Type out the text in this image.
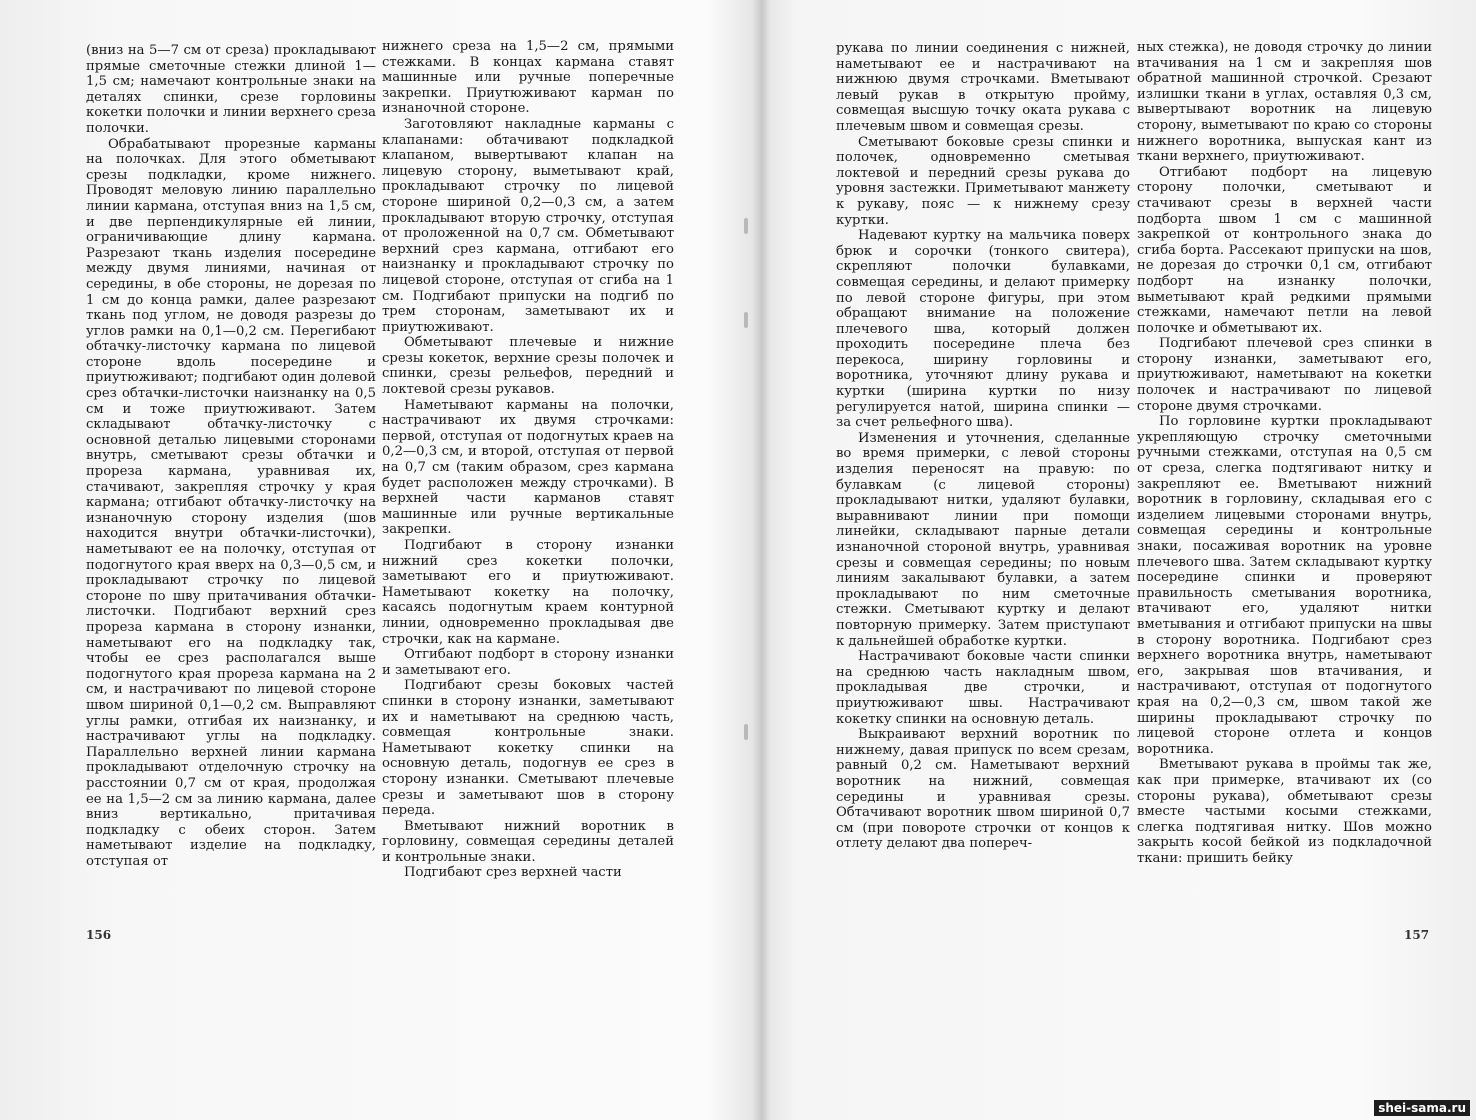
(вниз на 5—7 см от среза) прокладывают прямые сметочные стежки длиной 1—1,5 см; намечают контрольные знаки на деталях спинки, срезе горловины кокетки полочки и линии верхнего среза полочки.

Обрабатывают прорезные карманы на полочках. Для этого обметывают срезы подкладки, кроме нижнего. Проводят меловую линию параллельно линии кармана, отступая вниз на 1,5 см, и две перпендикулярные ей линии, ограничивающие длину кармана. Разрезают ткань изделия посередине между двумя линиями, начиная от середины, в обе стороны, не дорезая по 1 см до конца рамки, далее разрезают ткань под углом, не доводя разрезы до углов рамки на 0,1—0,2 см. Перегибают обтачку-листочку кармана по лицевой стороне вдоль посередине и приутюживают; подгибают один долевой срез обтачки-листочки наизнанку на 0,5 см и тоже приутюживают. Затем складывают обтачку-листочку с основной деталью лицевыми сторонами внутрь, сметывают срезы обтачки и прореза кармана, уравнивая их, стачивают, закрепляя строчку у края кармана; отгибают обтачку-листочку на изнаночную сторону изделия (шов находится внутри обтачки-листочки), наметывают ее на полочку, отступая от подогнутого края вверх на 0,3—0,5 см, и прокладывают строчку по лицевой стороне по шву притачивания обтачки-листочки. Подгибают верхний срез прореза кармана в сторону изнанки, наметывают его на подкладку так, чтобы ее срез располагался выше подогнутого края прореза кармана на 2 см, и настрачивают по лицевой стороне швом шириной 0,1—0,2 см. Выправляют углы рамки, отгибая их наизнанку, и настрачивают углы на подкладку. Параллельно верхней линии кармана прокладывают отделочную строчку на расстоянии 0,7 см от края, продолжая ее на 1,5—2 см за линию кармана, далее вниз вертикально, притачивая подкладку с обеих сторон. Затем наметывают изделие на подкладку, отступая от

нижнего среза на 1,5—2 см, прямыми стежками. В концах кармана ставят машинные или ручные поперечные закрепки. Приутюживают карман по изнаночной стороне.

Заготовляют накладные карманы с клапанами: обтачивают подкладкой клапаном, вывертывают клапан на лицевую сторону, выметывают край, прокладывают строчку по лицевой стороне шириной 0,2—0,3 см, а затем прокладывают вторую строчку, отступая от проложенной на 0,7 см. Обметывают верхний срез кармана, отгибают его наизнанку и прокладывают строчку по лицевой стороне, отступая от сгиба на 1 см. Подгибают припуски на подгиб по трем сторонам, заметывают их и приутюживают.

Обметывают плечевые и нижние срезы кокеток, верхние срезы полочек и спинки, срезы рельефов, передний и локтевой срезы рукавов.

Наметывают карманы на полочки, настрачивают их двумя строчками: первой, отступая от подогнутых краев на 0,2—0,3 см, и второй, отступая от первой на 0,7 см (таким образом, срез кармана будет расположен между строчками). В верхней части карманов ставят машинные или ручные вертикальные закрепки.

Подгибают в сторону изнанки нижний срез кокетки полочки, заметывают его и приутюживают. Наметывают кокетку на полочку, касаясь подогнутым краем контурной линии, одновременно прокладывая две строчки, как на кармане.

Отгибают подборт в сторону изнанки и заметывают его.

Подгибают срезы боковых частей спинки в сторону изнанки, заметывают их и наметывают на среднюю часть, совмещая контрольные знаки. Наметывают кокетку спинки на основную деталь, подогнув ее срез в сторону изнанки. Сметывают плечевые срезы и заметывают шов в сторону переда.

Вметывают нижний воротник в горловину, совмещая середины деталей и контрольные знаки.

Подгибают срез верхней части

рукава по линии соединения с нижней, наметывают ее и настрачивают на нижнюю двумя строчками. Вметывают левый рукав в открытую пройму, совмещая высшую точку оката рукава с плечевым швом и совмещая срезы.

Сметывают боковые срезы спинки и полочек, одновременно сметывая локтевой и передний срезы рукава до уровня застежки. Приметывают манжету к рукаву, пояс — к нижнему срезу куртки.

Надевают куртку на мальчика поверх брюк и сорочки (тонкого свитера), скрепляют полочки булавками, совмещая середины, и делают примерку по левой стороне фигуры, при этом обращают внимание на положение плечевого шва, который должен проходить посередине плеча без перекоса, ширину горловины и воротника, уточняют длину рукава и куртки (ширина куртки по низу регулируется натой, ширина спинки — за счет рельефного шва).

Изменения и уточнения, сделанные во время примерки, с левой стороны изделия переносят на правую: по булавкам (с лицевой стороны) прокладывают нитки, удаляют булавки, выравнивают линии при помощи линейки, складывают парные детали изнаночной стороной внутрь, уравнивая срезы и совмещая середины; по новым линиям закалывают булавки, а затем прокладывают по ним сметочные стежки. Сметывают куртку и делают повторную примерку. Затем приступают к дальнейшей обработке куртки.

Настрачивают боковые части спинки на среднюю часть накладным швом, прокладывая две строчки, и приутюживают швы. Настрачивают кокетку спинки на основную деталь.

Выкраивают верхний воротник по нижнему, давая припуск по всем срезам, равный 0,2 см. Наметывают верхний воротник на нижний, совмещая середины и уравнивая срезы. Обтачивают воротник швом шириной 0,7 см (при повороте строчки от концов к отлету делают два попереч-

ных стежка), не доводя строчку до линии втачивания на 1 см и закрепляя шов обратной машинной строчкой. Срезают излишки ткани в углах, оставляя 0,3 см, вывертывают воротник на лицевую сторону, выметывают по краю со стороны нижнего воротника, выпуская кант из ткани верхнего, приутюживают.

Отгибают подборт на лицевую сторону полочки, сметывают и стачивают срезы в верхней части подборта швом 1 см с машинной закрепкой от контрольного знака до сгиба борта. Рассекают припуски на шов, не дорезая до строчки 0,1 см, отгибают подборт на изнанку полочки, выметывают край редкими прямыми стежками, намечают петли на левой полочке и обметывают их.

Подгибают плечевой срез спинки в сторону изнанки, заметывают его, приутюживают, наметывают на кокетки полочек и настрачивают по лицевой стороне двумя строчками.

По горловине куртки прокладывают укрепляющую строчку сметочными ручными стежками, отступая на 0,5 см от среза, слегка подтягивают нитку и закрепляют ее. Вметывают нижний воротник в горловину, складывая его с изделием лицевыми сторонами внутрь, совмещая середины и контрольные знаки, посаживая воротник на уровне плечевого шва. Затем складывают куртку посередине спинки и проверяют правильность сметывания воротника, втачивают его, удаляют нитки вметывания и отгибают припуски на швы в сторону воротника. Подгибают срез верхнего воротника внутрь, наметывают его, закрывая шов втачивания, и настрачивают, отступая от подогнутого края на 0,2—0,3 см, швом такой же ширины прокладывают строчку по лицевой стороне отлета и концов воротника.

Вметывают рукава в проймы так же, как при примерке, втачивают их (со стороны рукава), обметывают срезы вместе частыми косыми стежками, слегка подтягивая нитку. Шов можно закрыть косой бейкой из подкладочной ткани: пришить бейку

156	157
shei-sama.ru
